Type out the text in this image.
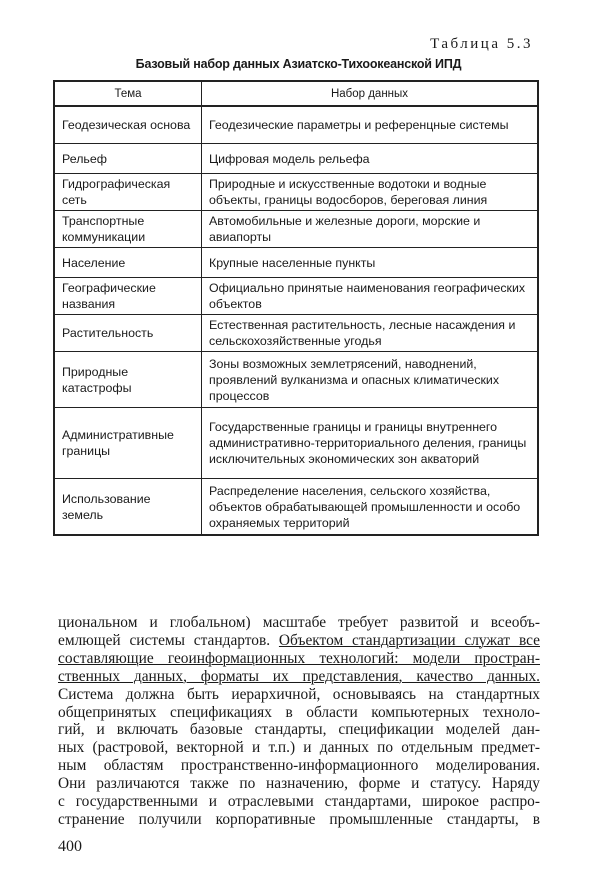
Таблица 5.3
Базовый набор данных Азиатско-Тихоокеанской ИПД
Тема	Набор данных
Геодезическая основа	Геодезические параметры и референцные системы
Рельеф	Цифровая модель рельефа
Гидрографическая сеть	Природные и искусственные водотоки и водные объекты, границы водосборов, береговая линия
Транспортные коммуникации	Автомобильные и железные дороги, морские и авиапорты
Население	Крупные населенные пункты
Географические названия	Официально принятые наименования географических объектов
Растительность	Естественная растительность, лесные насаждения и сельскохозяйственные угодья
Природные катастрофы	Зоны возможных землетрясений, наводнений, проявлений вулканизма и опасных климатических процессов
Административные границы	Государственные границы и границы внутреннего административно-территориального деления, границы исключительных экономических зон акваторий
Использование земель	Распределение населения, сельского хозяйства, объектов обрабатывающей промышленности и особо охраняемых территорий
циональном и глобальном) масштабе требует развитой и всеобъ-
емлющей системы стандартов. Объектом стандартизации служат все
составляющие геоинформационных технологий: модели простран-
ственных данных, форматы их представления, качество данных.
Система должна быть иерархичной, основываясь на стандартных
общепринятых спецификациях в области компьютерных техноло-
гий, и включать базовые стандарты, спецификации моделей дан-
ных (растровой, векторной и т.п.) и данных по отдельным предмет-
ным областям пространственно-информационного моделирования.
Они различаются также по назначению, форме и статусу. Наряду
с государственными и отраслевыми стандартами, широкое распро-
странение получили корпоративные промышленные стандарты, в
400
